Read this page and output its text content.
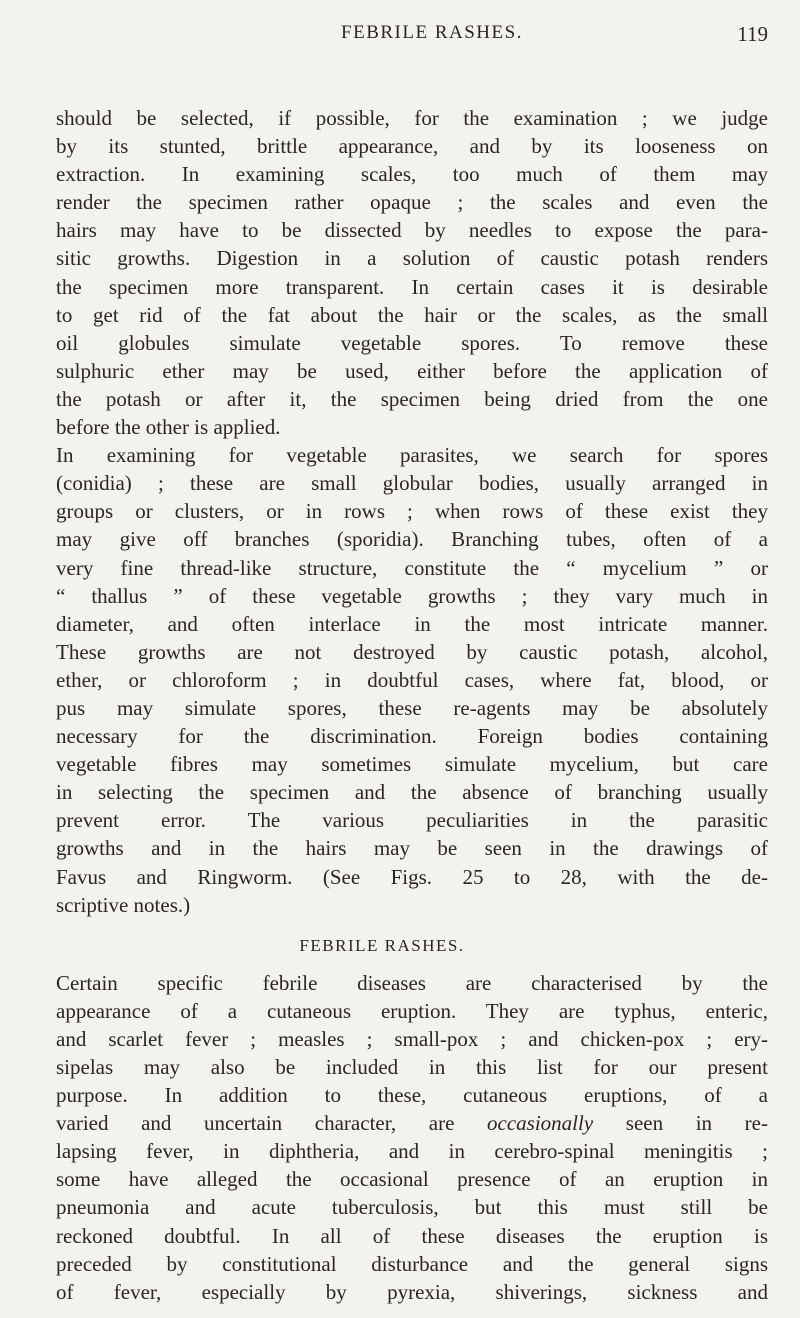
FEBRILE RASHES.	119
should be selected, if possible, for the examination ; we judge
by its stunted, brittle appearance, and by its looseness on
extraction. In examining scales, too much of them may
render the specimen rather opaque ; the scales and even the
hairs may have to be dissected by needles to expose the para-
sitic growths. Digestion in a solution of caustic potash renders
the specimen more transparent. In certain cases it is desirable
to get rid of the fat about the hair or the scales, as the small
oil globules simulate vegetable spores. To remove these
sulphuric ether may be used, either before the application of
the potash or after it, the specimen being dried from the one
before the other is applied.
In examining for vegetable parasites, we search for spores
(conidia) ; these are small globular bodies, usually arranged in
groups or clusters, or in rows ; when rows of these exist they
may give off branches (sporidia). Branching tubes, often of a
very fine thread-like structure, constitute the “ mycelium ” or
“ thallus ” of these vegetable growths ; they vary much in
diameter, and often interlace in the most intricate manner.
These growths are not destroyed by caustic potash, alcohol,
ether, or chloroform ; in doubtful cases, where fat, blood, or
pus may simulate spores, these re-agents may be absolutely
necessary for the discrimination. Foreign bodies containing
vegetable fibres may sometimes simulate mycelium, but care
in selecting the specimen and the absence of branching usually
prevent error. The various peculiarities in the parasitic
growths and in the hairs may be seen in the drawings of
Favus and Ringworm. (See Figs. 25 to 28, with the de-
scriptive notes.)
FEBRILE RASHES.
Certain specific febrile diseases are characterised by the
appearance of a cutaneous eruption. They are typhus, enteric,
and scarlet fever ; measles ; small-pox ; and chicken-pox ; ery-
sipelas may also be included in this list for our present
purpose. In addition to these, cutaneous eruptions, of a
varied and uncertain character, are occasionally seen in re-
lapsing fever, in diphtheria, and in cerebro-spinal meningitis ;
some have alleged the occasional presence of an eruption in
pneumonia and acute tuberculosis, but this must still be
reckoned doubtful. In all of these diseases the eruption is
preceded by constitutional disturbance and the general signs
of fever, especially by pyrexia, shiverings, sickness and
